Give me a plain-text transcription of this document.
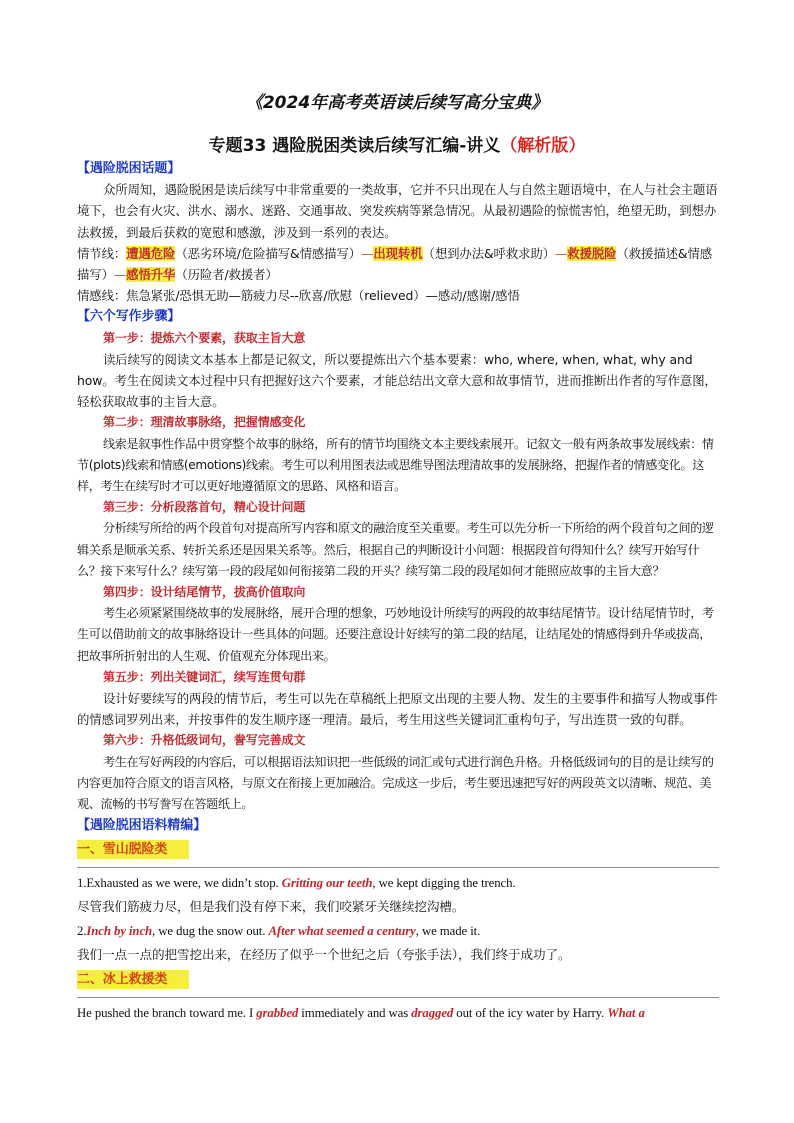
《2024年高考英语读后续写高分宝典》
专题33 遇险脱困类读后续写汇编-讲义（解析版）

【遇险脱困话题】

众所周知，遇险脱困是读后续写中非常重要的一类故事，它并不只出现在人与自然主题语境中，在人与社会主题语境下，也会有火灾、洪水、溺水、迷路、交通事故、突发疾病等紧急情况。从最初遇险的惊慌害怕，绝望无助，到想办法救援，到最后获救的宽慰和感激，涉及到一系列的表达。

情节线：遭遇危险（恶劣环境/危险描写&情感描写）—出现转机（想到办法&呼救求助）—救援脱险（救援描述&情感描写）—感悟升华（历险者/救援者）

情感线：焦急紧张/恐惧无助—筋疲力尽--欣喜/欣慰（relieved）—感动/感谢/感悟

【六个写作步骤】

第一步：提炼六个要素，获取主旨大意

读后续写的阅读文本基本上都是记叙文，所以要提炼出六个基本要素：who, where, when, what, why and how。考生在阅读文本过程中只有把握好这六个要素，才能总结出文章大意和故事情节，进而推断出作者的写作意图，轻松获取故事的主旨大意。

第二步：理清故事脉络，把握情感变化

线索是叙事性作品中贯穿整个故事的脉络，所有的情节均围绕文本主要线索展开。记叙文一般有两条故事发展线索：情节(plots)线索和情感(emotions)线索。考生可以利用图表法或思维导图法理清故事的发展脉络，把握作者的情感变化。这样，考生在续写时才可以更好地遵循原文的思路、风格和语言。

第三步：分析段落首句，精心设计问题

分析续写所给的两个段首句对提高所写内容和原文的融洽度至关重要。考生可以先分析一下所给的两个段首句之间的逻辑关系是顺承关系、转折关系还是因果关系等。然后，根据自己的判断设计小问题：根据段首句得知什么？续写开始写什么？接下来写什么？续写第一段的段尾如何衔接第二段的开头？续写第二段的段尾如何才能照应故事的主旨大意？

第四步：设计结尾情节，拔高价值取向

考生必须紧紧围绕故事的发展脉络，展开合理的想象，巧妙地设计所续写的两段的故事结尾情节。设计结尾情节时，考生可以借助前文的故事脉络设计一些具体的问题。还要注意设计好续写的第二段的结尾，让结尾处的情感得到升华或拔高，把故事所折射出的人生观、价值观充分体现出来。

第五步：列出关键词汇，续写连贯句群

设计好要续写的两段的情节后，考生可以先在草稿纸上把原文出现的主要人物、发生的主要事件和描写人物或事件的情感词罗列出来，并按事件的发生顺序逐一理清。最后，考生用这些关键词汇重构句子，写出连贯一致的句群。

第六步：升格低级词句，誊写完善成文

考生在写好两段的内容后，可以根据语法知识把一些低级的词汇或句式进行润色升格。升格低级词句的目的是让续写的内容更加符合原文的语言风格，与原文在衔接上更加融洽。完成这一步后，考生要迅速把写好的两段英文以清晰、规范、美观、流畅的书写誊写在答题纸上。

【遇险脱困语料精编】

一、雪山脱险类

1.Exhausted as we were, we didn’t stop. Gritting our teeth, we kept digging the trench.

尽管我们筋疲力尽，但是我们没有停下来，我们咬紧牙关继续挖沟槽。

2.Inch by inch, we dug the snow out. After what seemed a century, we made it.

我们一点一点的把雪挖出来，在经历了似乎一个世纪之后（夸张手法），我们终于成功了。

二、冰上救援类

He pushed the branch toward me. I grabbed immediately and was dragged out of the icy water by Harry. What a
